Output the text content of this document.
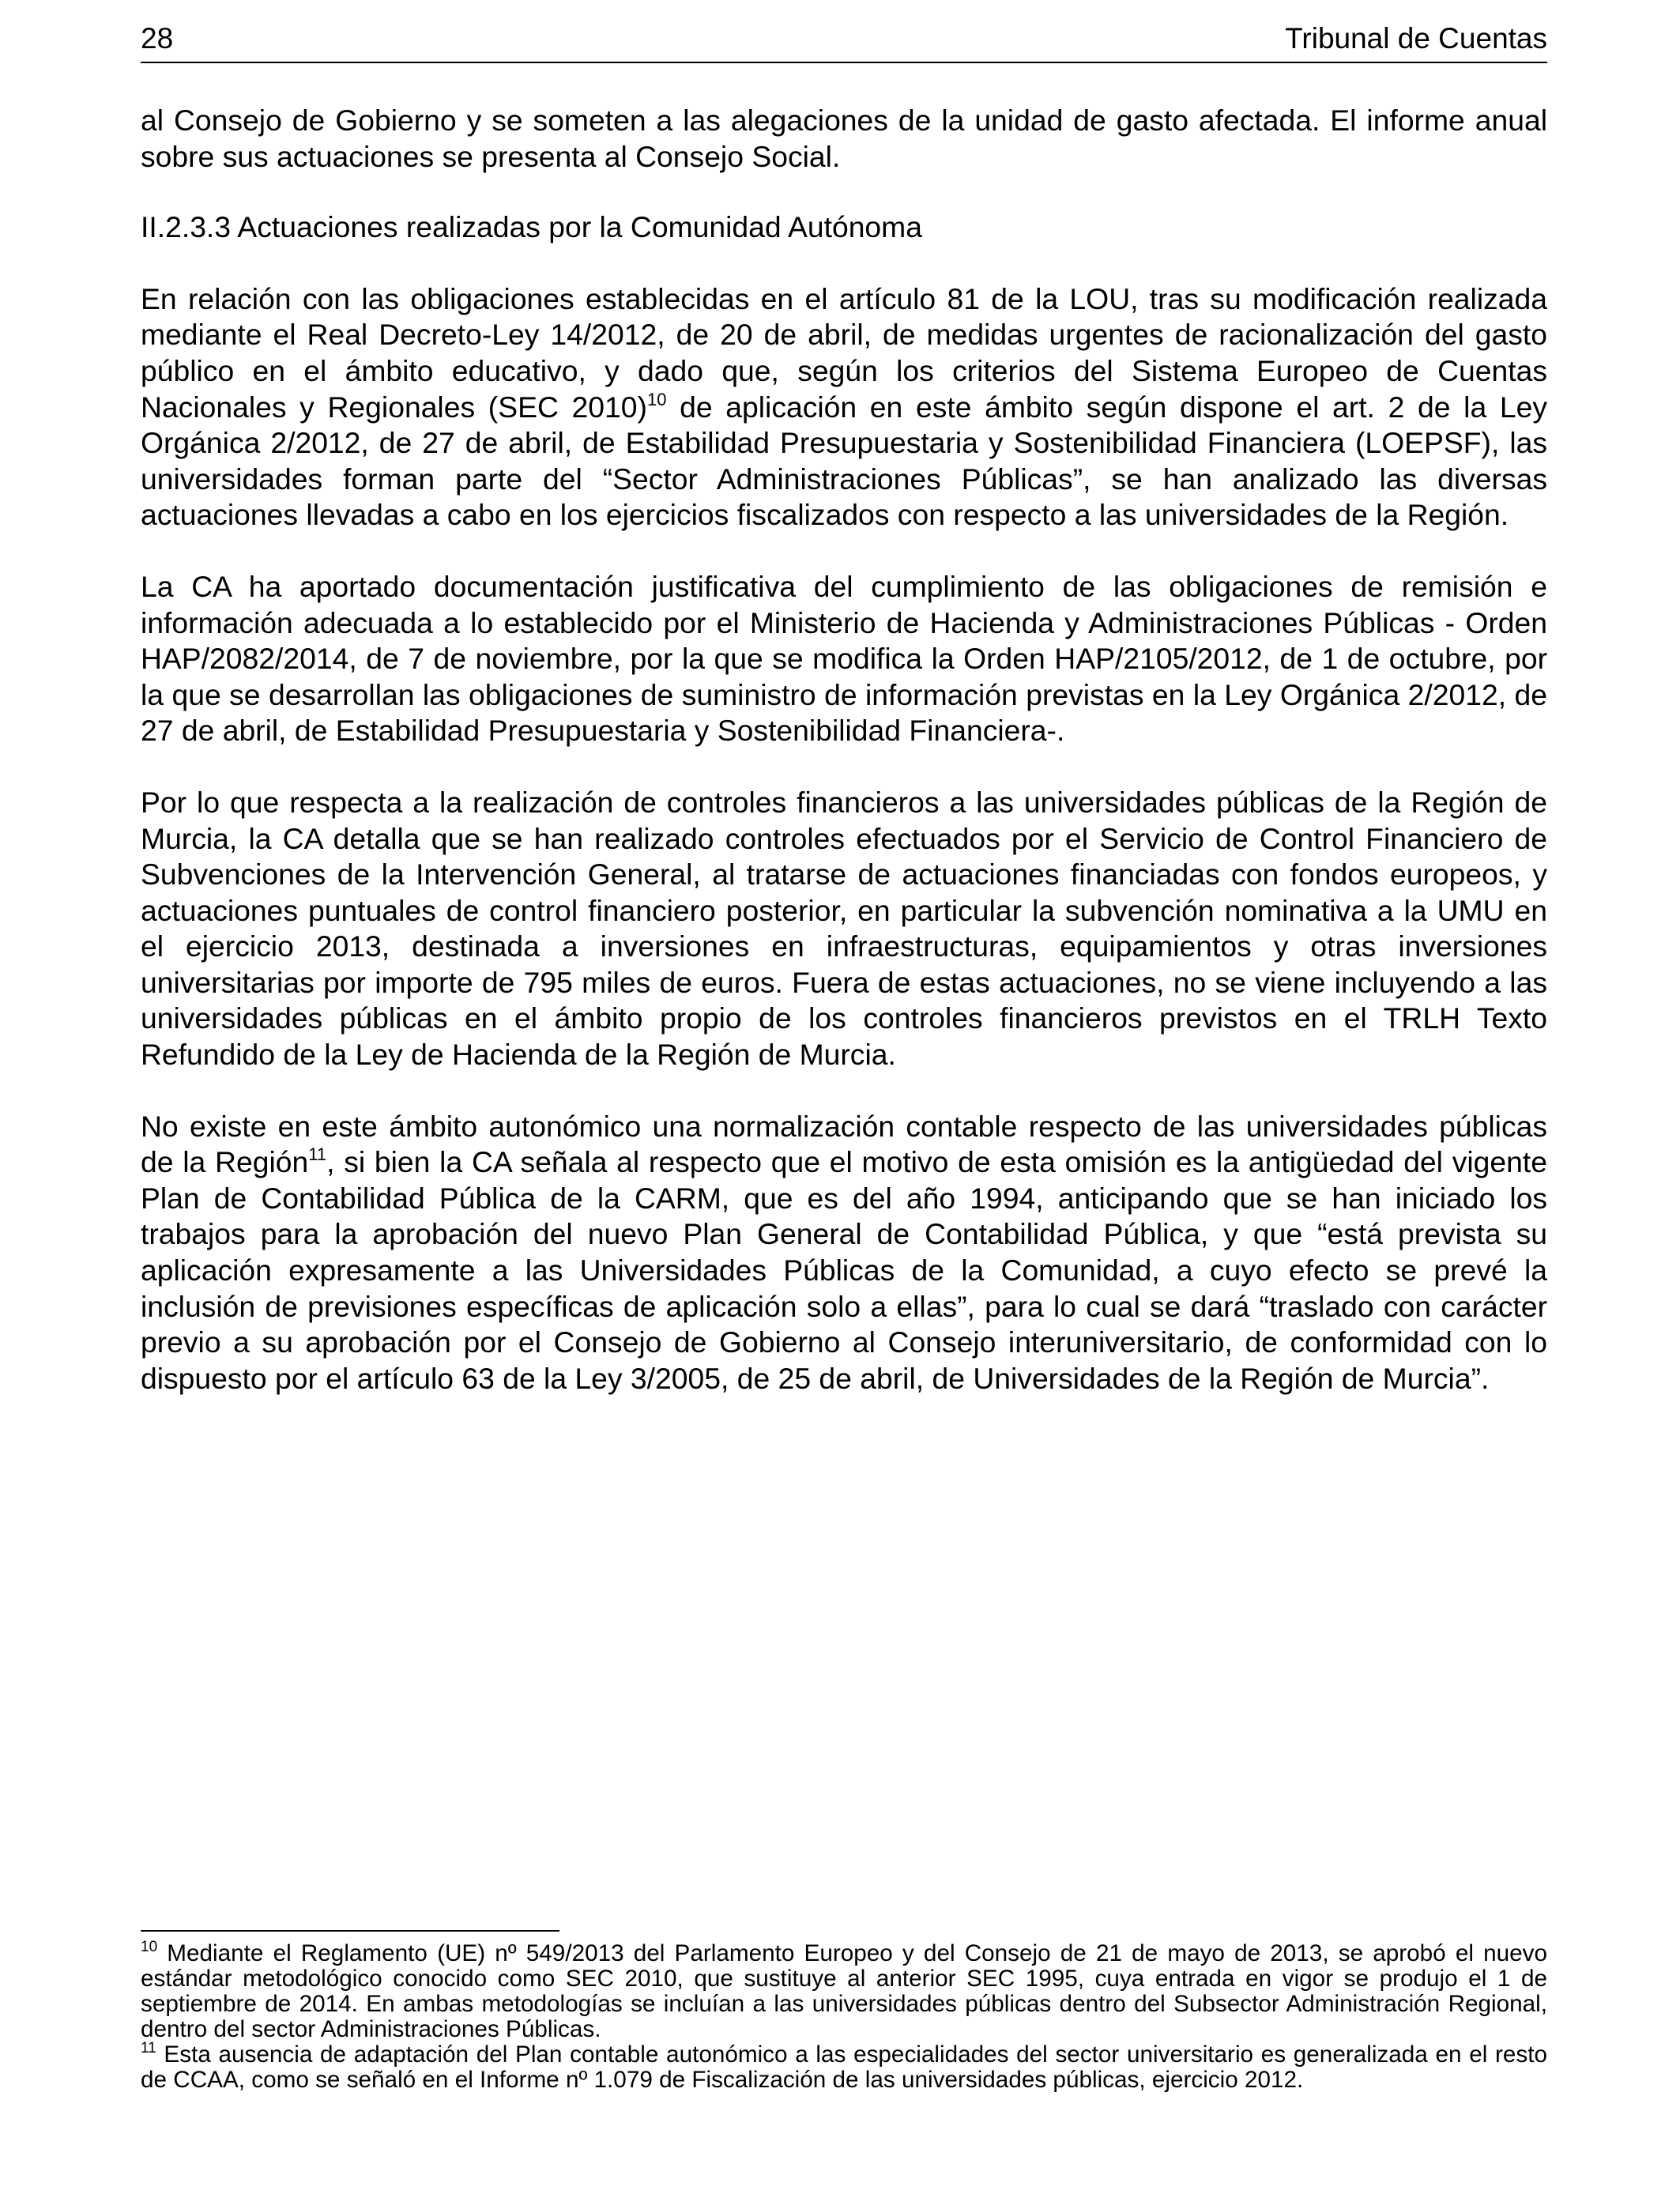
28	Tribunal de Cuentas

al Consejo de Gobierno y se someten a las alegaciones de la unidad de gasto afectada. El informe anual sobre sus actuaciones se presenta al Consejo Social.

II.2.3.3 Actuaciones realizadas por la Comunidad Autónoma

En relación con las obligaciones establecidas en el artículo 81 de la LOU, tras su modificación realizada mediante el Real Decreto-Ley 14/2012, de 20 de abril, de medidas urgentes de racionalización del gasto público en el ámbito educativo, y dado que, según los criterios del Sistema Europeo de Cuentas Nacionales y Regionales (SEC 2010)$^{10}$ de aplicación en este ámbito según dispone el art. 2 de la Ley Orgánica 2/2012, de 27 de abril, de Estabilidad Presupuestaria y Sostenibilidad Financiera (LOEPSF), las universidades forman parte del “Sector Administraciones Públicas”, se han analizado las diversas actuaciones llevadas a cabo en los ejercicios fiscalizados con respecto a las universidades de la Región.

La CA ha aportado documentación justificativa del cumplimiento de las obligaciones de remisión e información adecuada a lo establecido por el Ministerio de Hacienda y Administraciones Públicas - Orden HAP/2082/2014, de 7 de noviembre, por la que se modifica la Orden HAP/2105/2012, de 1 de octubre, por la que se desarrollan las obligaciones de suministro de información previstas en la Ley Orgánica 2/2012, de 27 de abril, de Estabilidad Presupuestaria y Sostenibilidad Financiera-.

Por lo que respecta a la realización de controles financieros a las universidades públicas de la Región de Murcia, la CA detalla que se han realizado controles efectuados por el Servicio de Control Financiero de Subvenciones de la Intervención General, al tratarse de actuaciones financiadas con fondos europeos, y actuaciones puntuales de control financiero posterior, en particular la subvención nominativa a la UMU en el ejercicio 2013, destinada a inversiones en infraestructuras, equipamientos y otras inversiones universitarias por importe de 795 miles de euros. Fuera de estas actuaciones, no se viene incluyendo a las universidades públicas en el ámbito propio de los controles financieros previstos en el TRLH Texto Refundido de la Ley de Hacienda de la Región de Murcia.

No existe en este ámbito autonómico una normalización contable respecto de las universidades públicas de la Región$^{11}$, si bien la CA señala al respecto que el motivo de esta omisión es la antigüedad del vigente Plan de Contabilidad Pública de la CARM, que es del año 1994, anticipando que se han iniciado los trabajos para la aprobación del nuevo Plan General de Contabilidad Pública, y que “está prevista su aplicación expresamente a las Universidades Públicas de la Comunidad, a cuyo efecto se prevé la inclusión de previsiones específicas de aplicación solo a ellas”, para lo cual se dará “traslado con carácter previo a su aprobación por el Consejo de Gobierno al Consejo interuniversitario, de conformidad con lo dispuesto por el artículo 63 de la Ley 3/2005, de 25 de abril, de Universidades de la Región de Murcia”.

$^{10}$ Mediante el Reglamento (UE) nº 549/2013 del Parlamento Europeo y del Consejo de 21 de mayo de 2013, se aprobó el nuevo estándar metodológico conocido como SEC 2010, que sustituye al anterior SEC 1995, cuya entrada en vigor se produjo el 1 de septiembre de 2014. En ambas metodologías se incluían a las universidades públicas dentro del Subsector Administración Regional, dentro del sector Administraciones Públicas.

$^{11}$ Esta ausencia de adaptación del Plan contable autonómico a las especialidades del sector universitario es generalizada en el resto de CCAA, como se señaló en el Informe nº 1.079 de Fiscalización de las universidades públicas, ejercicio 2012.
